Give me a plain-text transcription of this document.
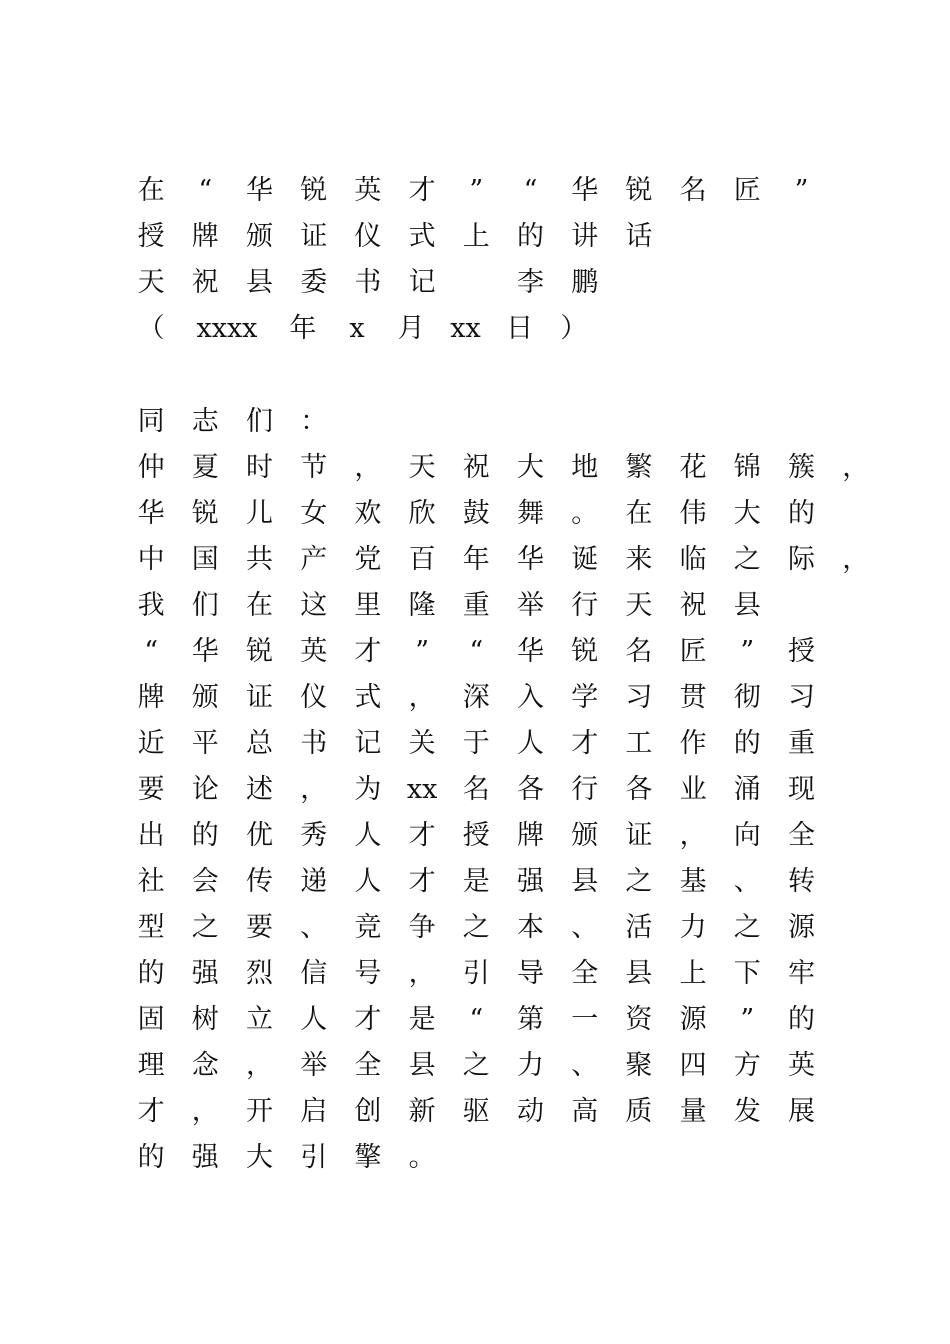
在	“	华	锐	英	才	”	“	华	锐	名	匠	”
授	牌	颁	证	仪	式	上	的	讲	话
天	祝	县	委	书	记	李	鹏
（	xxxx	年	x	月 xx 日	）
同	志	们	：
仲	夏	时	节	，	天	祝	大	地	繁	花	锦	簇	，
华	锐	儿	女	欢	欣	鼓	舞	。	在	伟	大	的
中	国	共	产	党	百	年	华	诞	来	临	之	际	，
我	们	在	这	里	隆	重	举	行	天	祝	县
“	华	锐	英	才	”	“	华	锐	名	匠	”	授
牌	颁	证	仪	式	，	深	入	学	习	贯	彻	习
近	平	总	书	记	关	于	人	才	工	作	的	重
要	论	述	，	为 xx 名	各	行	各	业	涌	现
出	的	优	秀	人	才	授	牌	颁	证	，	向	全
社	会	传	递	人	才	是	强	县	之	基	、	转
型	之	要	、	竞	争	之	本	、	活	力	之	源
的	强	烈	信	号	，	引	导	全	县	上	下	牢
固	树	立	人	才	是	“	第	一	资	源	”	的
理	念	，	举	全	县	之	力	、	聚	四	方	英
才	，	开	启	创	新	驱	动	高	质	量	发	展
的	强	大	引	擎	。
